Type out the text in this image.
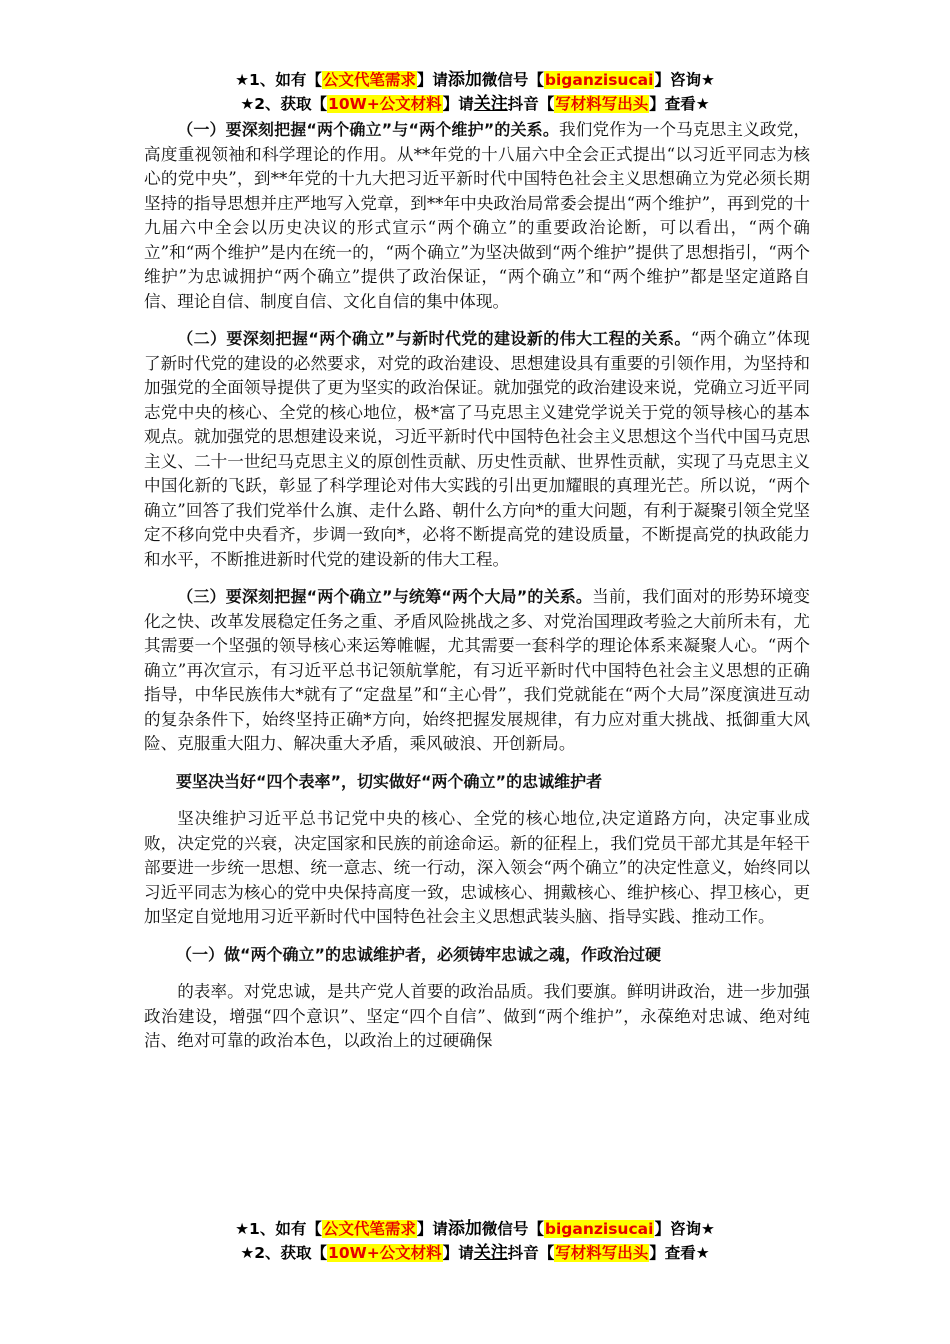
★1、如有【公文代笔需求】请添加微信号【biganzisucai】咨询★
★2、获取【10W+公文材料】请关注抖音【写材料写出头】查看★

（一）要深刻把握“两个确立”与“两个维护”的关系。我们党作为一个马克思主义政党，高度重视领袖和科学理论的作用。从**年党的十八届六中全会正式提出“以习近平同志为核心的党中央”，到**年党的十九大把习近平新时代中国特色社会主义思想确立为党必须长期坚持的指导思想并庄严地写入党章，到**年中央政治局常委会提出“两个维护”，再到党的十九届六中全会以历史决议的形式宣示“两个确立”的重要政治论断，可以看出，“两个确立”和“两个维护”是内在统一的，“两个确立”为坚决做到“两个维护”提供了思想指引，“两个维护”为忠诚拥护“两个确立”提供了政治保证，“两个确立”和“两个维护”都是坚定道路自信、理论自信、制度自信、文化自信的集中体现。

（二）要深刻把握“两个确立”与新时代党的建设新的伟大工程的关系。“两个确立”体现了新时代党的建设的必然要求，对党的政治建设、思想建设具有重要的引领作用，为坚持和加强党的全面领导提供了更为坚实的政治保证。就加强党的政治建设来说，党确立习近平同志党中央的核心、全党的核心地位，极*富了马克思主义建党学说关于党的领导核心的基本观点。就加强党的思想建设来说，习近平新时代中国特色社会主义思想这个当代中国马克思主义、二十一世纪马克思主义的原创性贡献、历史性贡献、世界性贡献，实现了马克思主义中国化新的飞跃，彰显了科学理论对伟大实践的引出更加耀眼的真理光芒。所以说，“两个确立”回答了我们党举什么旗、走什么路、朝什么方向*的重大问题，有利于凝聚引领全党坚定不移向党中央看齐，步调一致向*，必将不断提高党的建设质量，不断提高党的执政能力和水平，不断推进新时代党的建设新的伟大工程。

（三）要深刻把握“两个确立”与统筹“两个大局”的关系。当前，我们面对的形势环境变化之快、改革发展稳定任务之重、矛盾风险挑战之多、对党治国理政考验之大前所未有，尤其需要一个坚强的领导核心来运筹帷幄，尤其需要一套科学的理论体系来凝聚人心。“两个确立”再次宣示，有习近平总书记领航掌舵，有习近平新时代中国特色社会主义思想的正确指导，中华民族伟大*就有了“定盘星”和“主心骨”，我们党就能在“两个大局”深度演进互动的复杂条件下，始终坚持正确*方向，始终把握发展规律，有力应对重大挑战、抵御重大风险、克服重大阻力、解决重大矛盾，乘风破浪、开创新局。

要坚决当好“四个表率”，切实做好“两个确立”的忠诚维护者

坚决维护习近平总书记党中央的核心、全党的核心地位,决定道路方向，决定事业成败，决定党的兴衰，决定国家和民族的前途命运。新的征程上，我们党员干部尤其是年轻干部要进一步统一思想、统一意志、统一行动，深入领会“两个确立”的决定性意义，始终同以习近平同志为核心的党中央保持高度一致，忠诚核心、拥戴核心、维护核心、捍卫核心，更加坚定自觉地用习近平新时代中国特色社会主义思想武装头脑、指导实践、推动工作。

（一）做“两个确立”的忠诚维护者，必须铸牢忠诚之魂，作政治过硬

的表率。对党忠诚，是共产党人首要的政治品质。我们要旗。鲜明讲政治，进一步加强政治建设，增强“四个意识”、坚定“四个自信”、做到“两个维护”，永葆绝对忠诚、绝对纯洁、绝对可靠的政治本色，以政治上的过硬确保

★1、如有【公文代笔需求】请添加微信号【biganzisucai】咨询★
★2、获取【10W+公文材料】请关注抖音【写材料写出头】查看★
